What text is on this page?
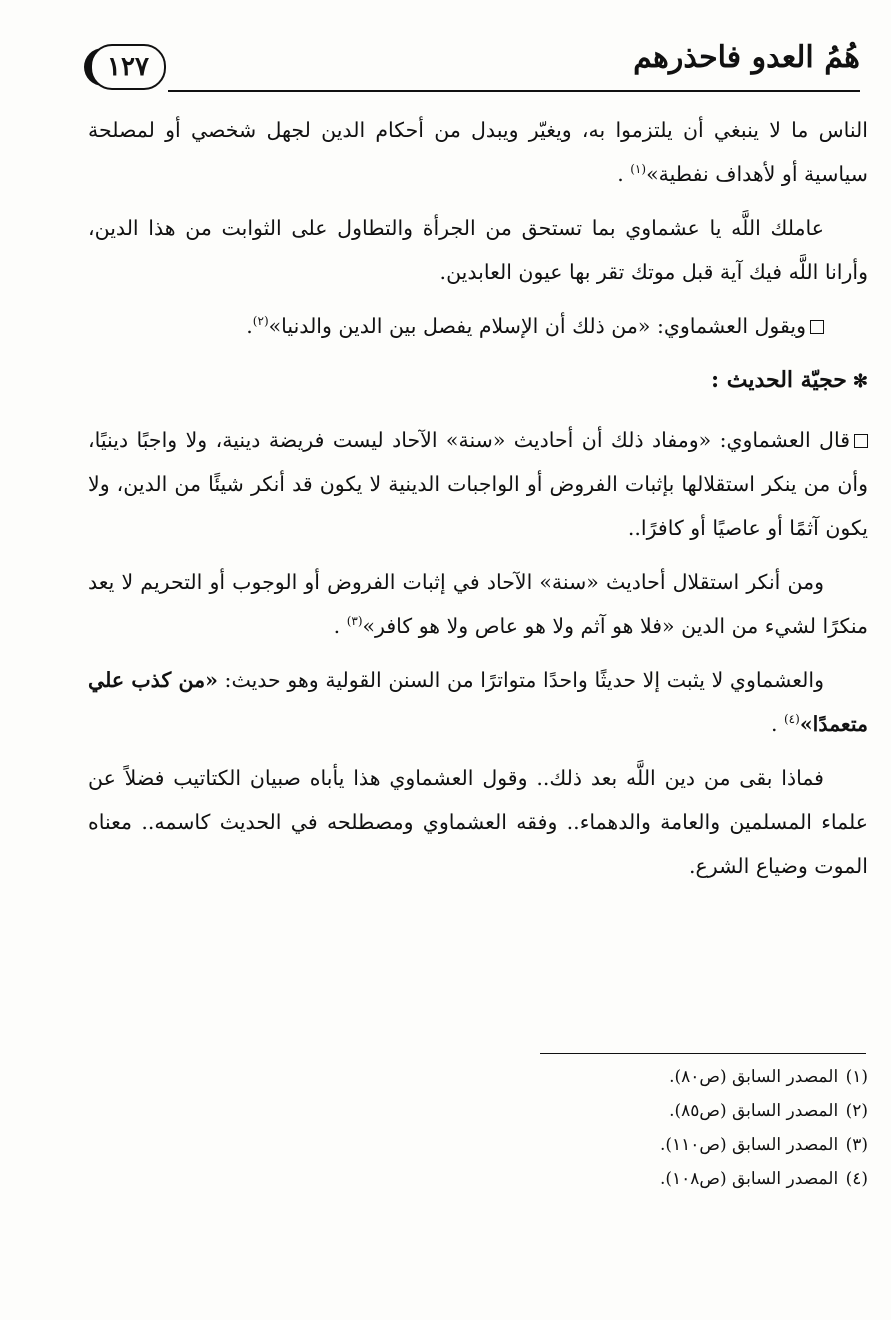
١٢٧	هُمُ العدو فاحذرهم

الناس ما لا ينبغي أن يلتزموا به، ويغيّر ويبدل من أحكام الدين لجهل شخصي أو لمصلحة سياسية أو لأهداف نفطية»$^{(١)}$ .

عاملك اللَّه يا عشماوي بما تستحق من الجرأة والتطاول على الثوابت من هذا الدين، وأرانا اللَّه فيك آية قبل موتك تقر بها عيون العابدين.

ويقول العشماوي: «من ذلك أن الإسلام يفصل بين الدين والدنيا»$^{(٢)}$.

✻حجيّة الحديث :

قال العشماوي: «ومفاد ذلك أن أحاديث «سنة» الآحاد ليست فريضة دينية، ولا واجبًا دينيًا، وأن من ينكر استقلالها بإثبات الفروض أو الواجبات الدينية لا يكون قد أنكر شيئًا من الدين، ولا يكون آثمًا أو عاصيًا أو كافرًا..

ومن أنكر استقلال أحاديث «سنة» الآحاد في إثبات الفروض أو الوجوب أو التحريم لا يعد منكرًا لشيء من الدين «فلا هو آثم ولا هو عاص ولا هو كافر»$^{(٣)}$ .

والعشماوي لا يثبت إلا حديثًا واحدًا متواترًا من السنن القولية وهو حديث: «من كذب علي متعمدًا»$^{(٤)}$ .

فماذا بقى من دين اللَّه بعد ذلك.. وقول العشماوي هذا يأباه صبيان الكتاتيب فضلاً عن علماء المسلمين والعامة والدهماء.. وفقه العشماوي ومصطلحه في الحديث كاسمه.. معناه الموت وضياع الشرع.

(١) المصدر السابق (ص٨٠).
(٢) المصدر السابق (ص٨٥).
(٣) المصدر السابق (ص١١٠).
(٤) المصدر السابق (ص١٠٨).
